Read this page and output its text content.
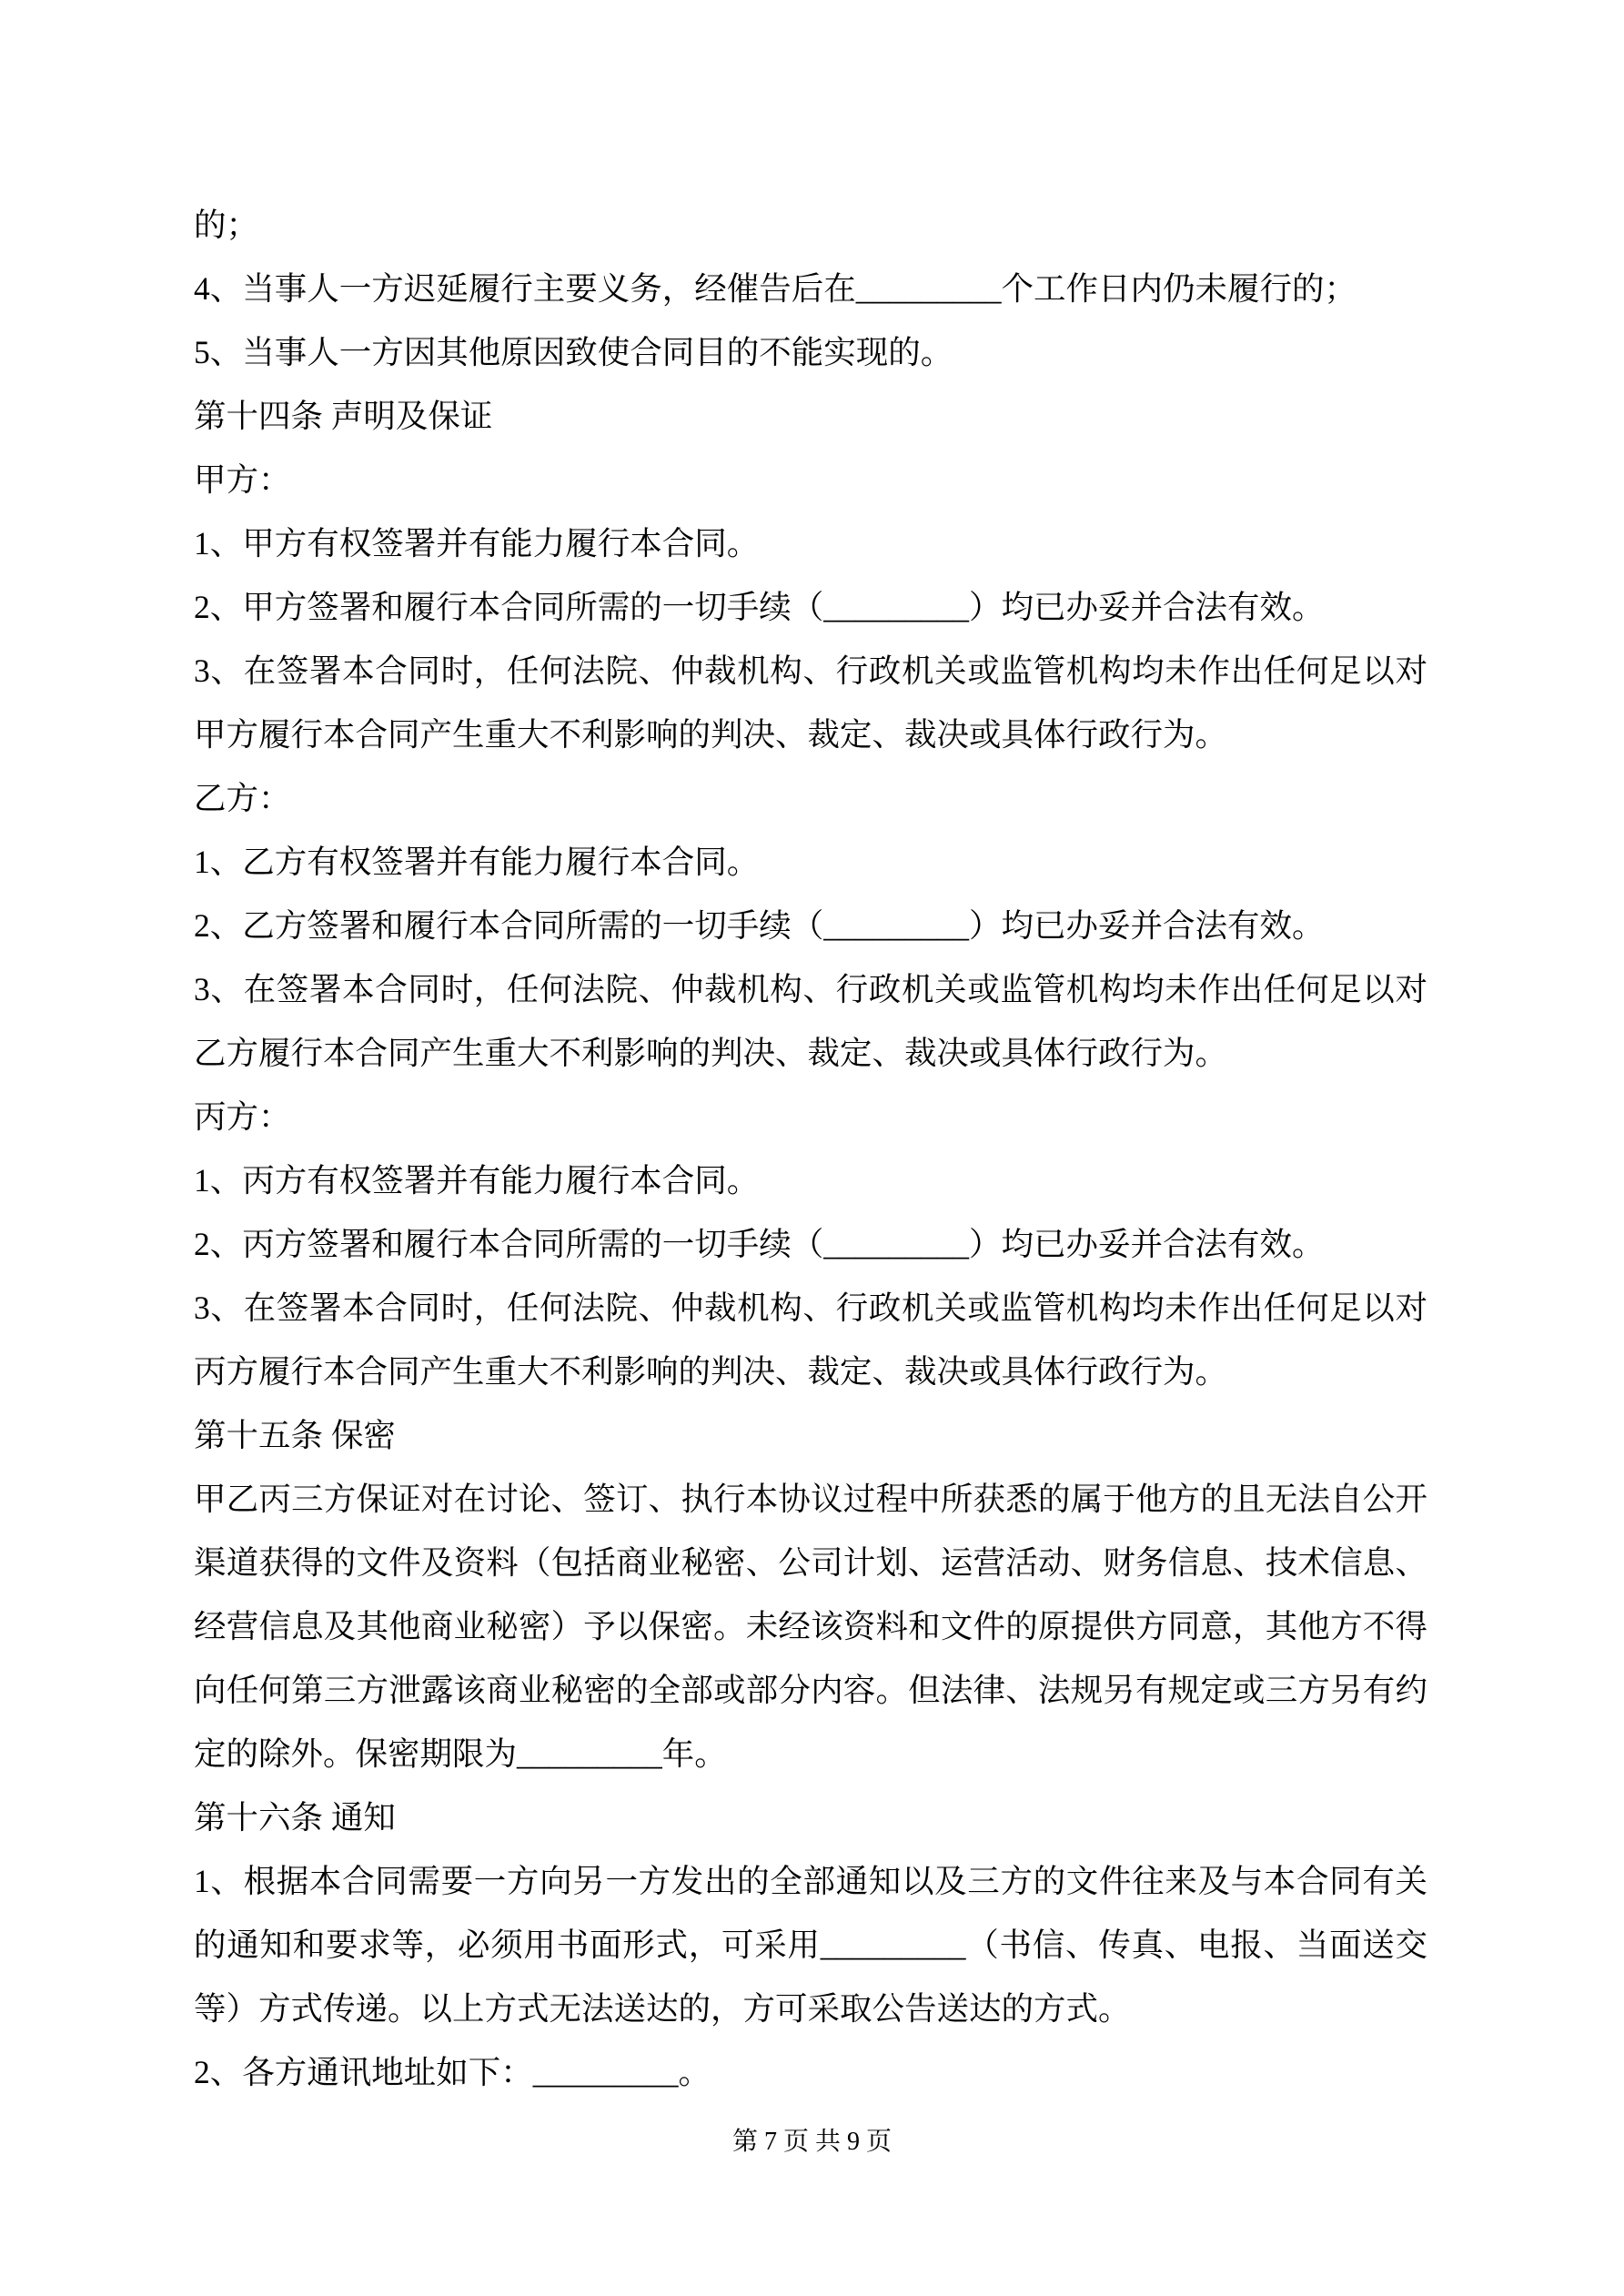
的；

4、当事人一方迟延履行主要义务，经催告后在_________个工作日内仍未履行的；

5、当事人一方因其他原因致使合同目的不能实现的。

第十四条 声明及保证

甲方：

1、甲方有权签署并有能力履行本合同。

2、甲方签署和履行本合同所需的一切手续（_________）均已办妥并合法有效。

3、在签署本合同时，任何法院、仲裁机构、行政机关或监管机构均未作出任何足以对甲方履行本合同产生重大不利影响的判决、裁定、裁决或具体行政行为。

乙方：

1、乙方有权签署并有能力履行本合同。

2、乙方签署和履行本合同所需的一切手续（_________）均已办妥并合法有效。

3、在签署本合同时，任何法院、仲裁机构、行政机关或监管机构均未作出任何足以对乙方履行本合同产生重大不利影响的判决、裁定、裁决或具体行政行为。

丙方：

1、丙方有权签署并有能力履行本合同。

2、丙方签署和履行本合同所需的一切手续（_________）均已办妥并合法有效。

3、在签署本合同时，任何法院、仲裁机构、行政机关或监管机构均未作出任何足以对丙方履行本合同产生重大不利影响的判决、裁定、裁决或具体行政行为。

第十五条 保密

甲乙丙三方保证对在讨论、签订、执行本协议过程中所获悉的属于他方的且无法自公开渠道获得的文件及资料（包括商业秘密、公司计划、运营活动、财务信息、技术信息、经营信息及其他商业秘密）予以保密。未经该资料和文件的原提供方同意，其他方不得向任何第三方泄露该商业秘密的全部或部分内容。但法律、法规另有规定或三方另有约定的除外。保密期限为_________年。

第十六条 通知

1、根据本合同需要一方向另一方发出的全部通知以及三方的文件往来及与本合同有关的通知和要求等，必须用书面形式，可采用_________（书信、传真、电报、当面送交等）方式传递。以上方式无法送达的，方可采取公告送达的方式。

2、各方通讯地址如下：_________。

第 7 页 共 9 页
